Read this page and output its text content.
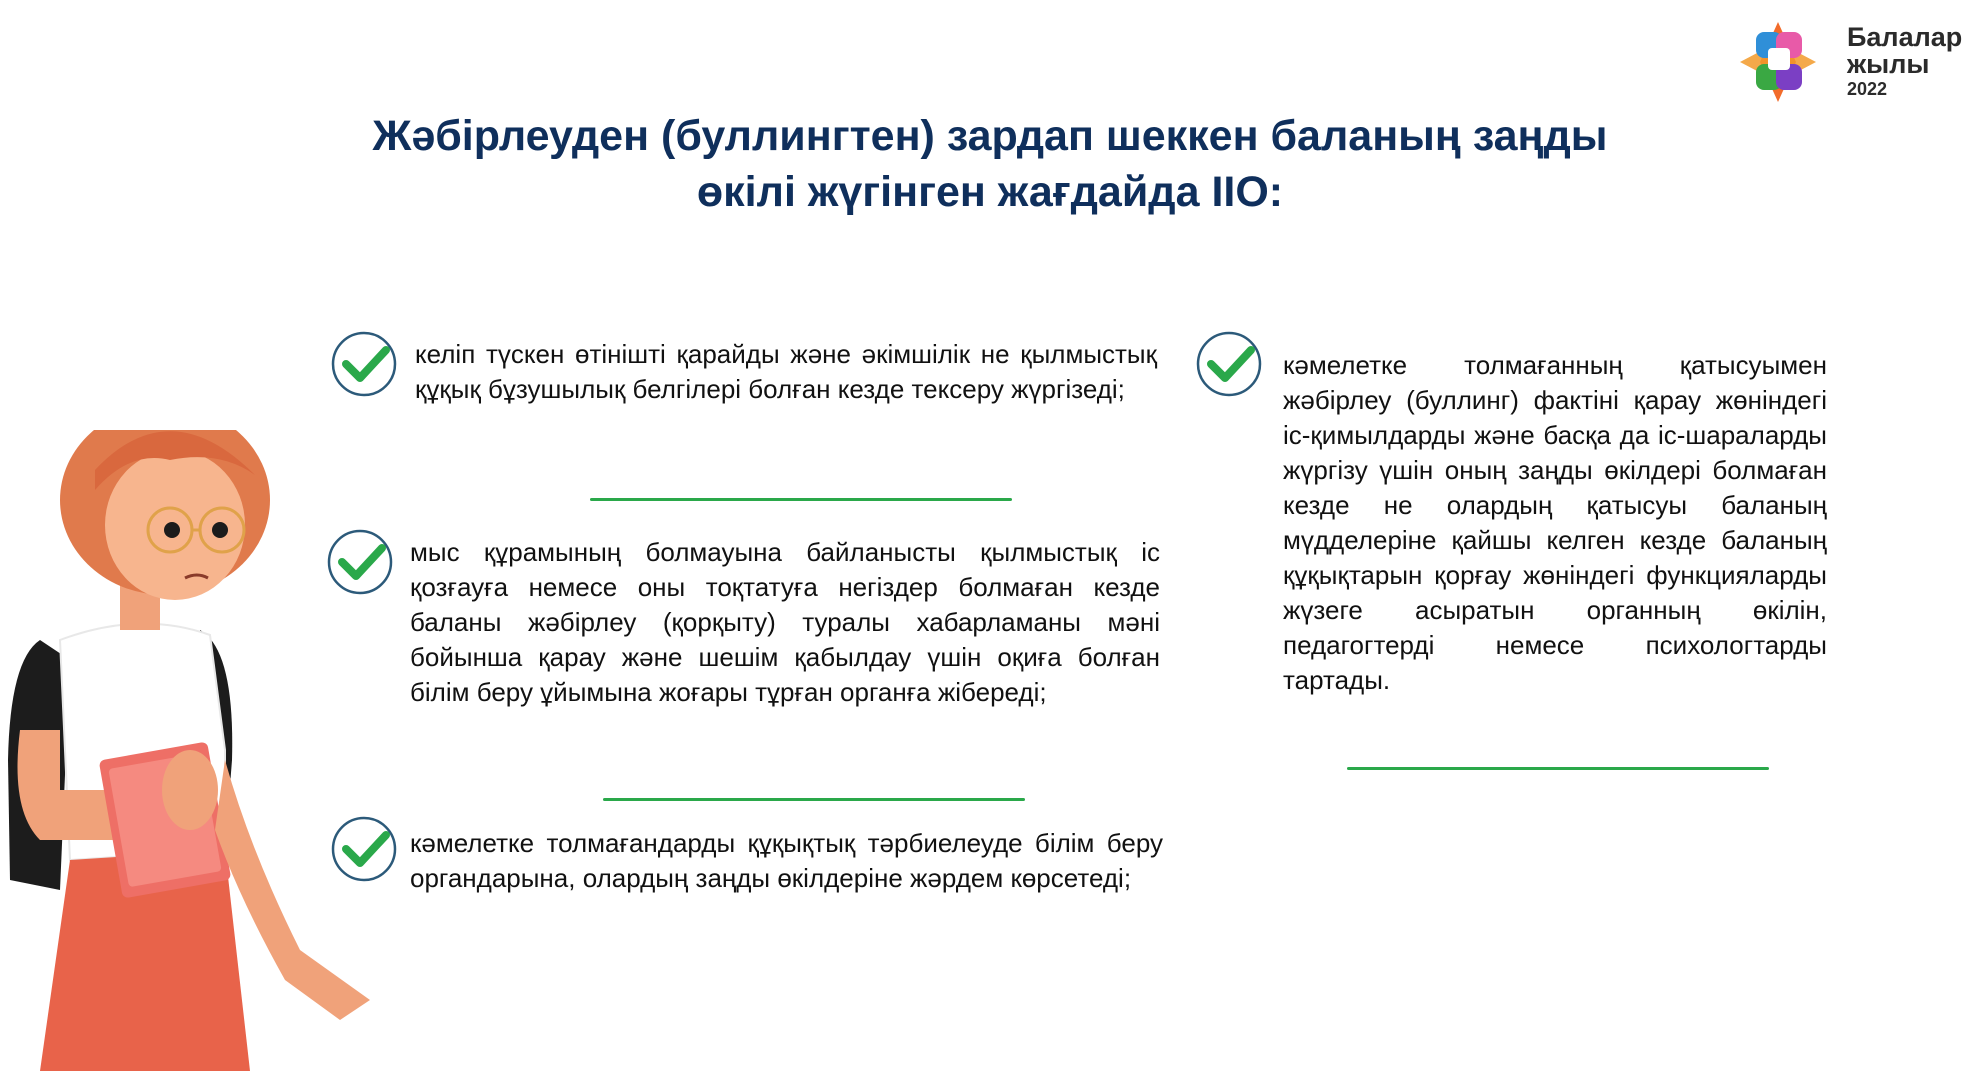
Жәбірлеуден (буллингтен) зардап шеккен баланың заңды
өкілі жүгінген жағдайда ІІО:
Балалар
жылы
2022
келіп түскен өтінішті қарайды және әкімшілік не қылмыстық құқық бұзушылық белгілері болған кезде тексеру жүргізеді;
мыс құрамының болмауына байланысты қылмыстық іс қозғауға немесе оны тоқтатуға негіздер болмаған кезде баланы жәбірлеу (қорқыту) туралы хабарламаны мәні бойынша қарау және шешім қабылдау үшін оқиға болған білім беру ұйымына жоғары тұрған органға жібереді;
кәмелетке толмағандарды құқықтық тәрбиелеуде білім беру органдарына, олардың заңды өкілдеріне жәрдем көрсетеді;
кәмелетке толмағанның қатысуымен жәбірлеу (буллинг) фактіні қарау жөніндегі іс-қимылдарды және басқа да іс-шараларды жүргізу үшін оның заңды өкілдері болмаған кезде не олардың қатысуы баланың мүдделеріне қайшы келген кезде баланың құқықтарын қорғау жөніндегі функцияларды жүзеге асыратын органның өкілін, педагогтерді немесе психологтарды тартады.
